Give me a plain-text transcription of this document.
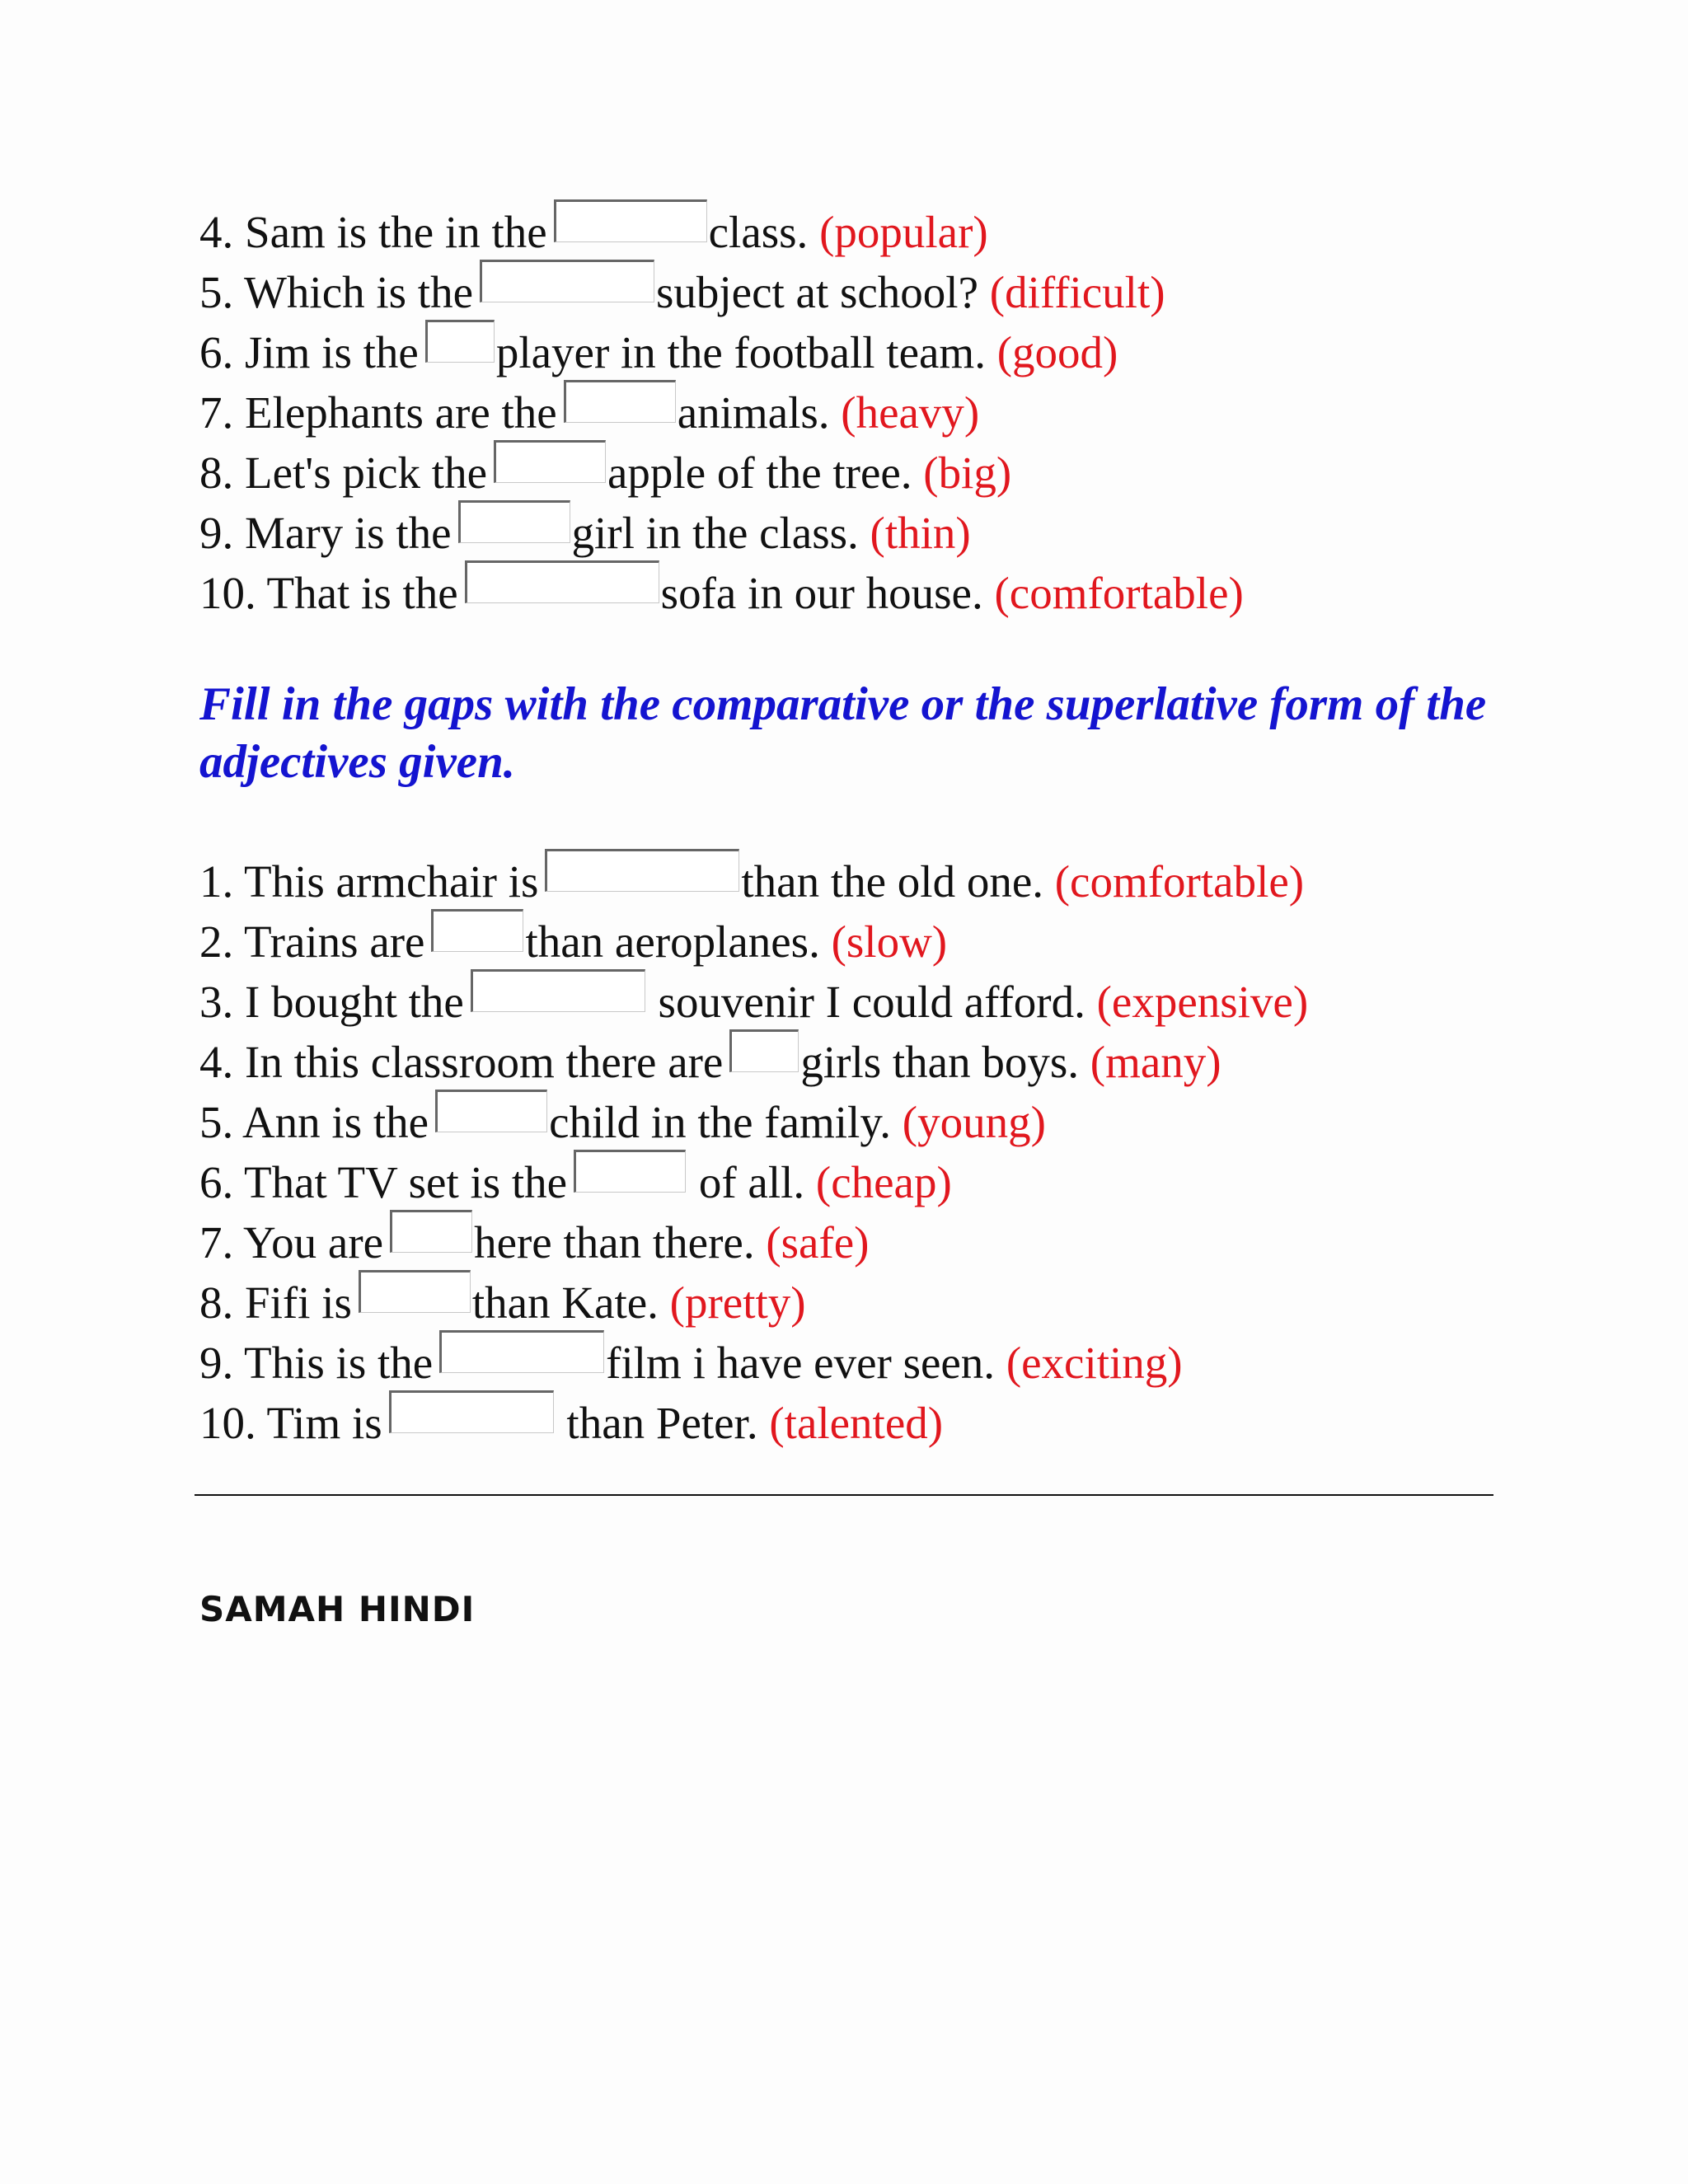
4. Sam is the in the	class. (popular)
5. Which is the	subject at school? (difficult)
6. Jim is the player in the football team. (good)
7. Elephants are the	animals. (heavy)
8. Let's pick the	apple of the tree. (big)
9. Mary is the	girl in the class. (thin)
10. That is the	sofa in our house. (comfortable)
Fill in the gaps with the comparative or the superlative form of the adjectives given.
1. This armchair is	than the old one. (comfortable)
2. Trains are than aeroplanes. (slow)
3. I bought the	souvenir I could afford. (expensive)
4. In this classroom there are girls than boys. (many)
5. Ann is the	child in the family. (young)
6. That TV set is the	of all. (cheap)
7. You are here than there. (safe)
8. Fifi is	than Kate. (pretty)
9. This is the	film i have ever seen. (exciting)
10. Tim is	than Peter. (talented)
SAMAH HINDI
